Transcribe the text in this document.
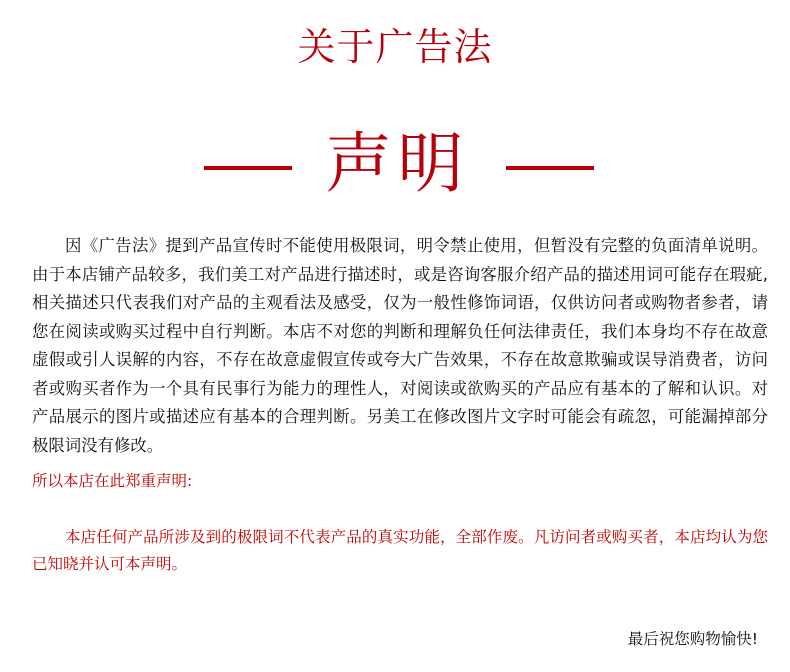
关于广告法
声明

因《广告法》提到产品宣传时不能使用极限词，明令禁止使用，但暂没有完整的负面清单说明。由于本店铺产品较多，我们美工对产品进行描述时，或是咨询客服介绍产品的描述用词可能存在瑕疵,相关描述只代表我们对产品的主观看法及感受，仅为一般性修饰词语，仅供访问者或购物者参者，请您在阅读或购买过程中自行判断。本店不对您的判断和理解负任何法律责任，我们本身均不存在故意虚假或引人误解的内容，不存在故意虚假宣传或夸大广告效果，不存在故意欺骗或误导消费者，访问者或购买者作为一个具有民事行为能力的理性人，对阅读或欲购买的产品应有基本的了解和认识。对产品展示的图片或描述应有基本的合理判断。另美工在修改图片文字时可能会有疏忽，可能漏掉部分极限词没有修改。

所以本店在此郑重声明:

本店任何产品所涉及到的极限词不代表产品的真实功能，全部作废。凡访问者或购买者，本店均认为您已知晓并认可本声明。

最后祝您购物愉快!
